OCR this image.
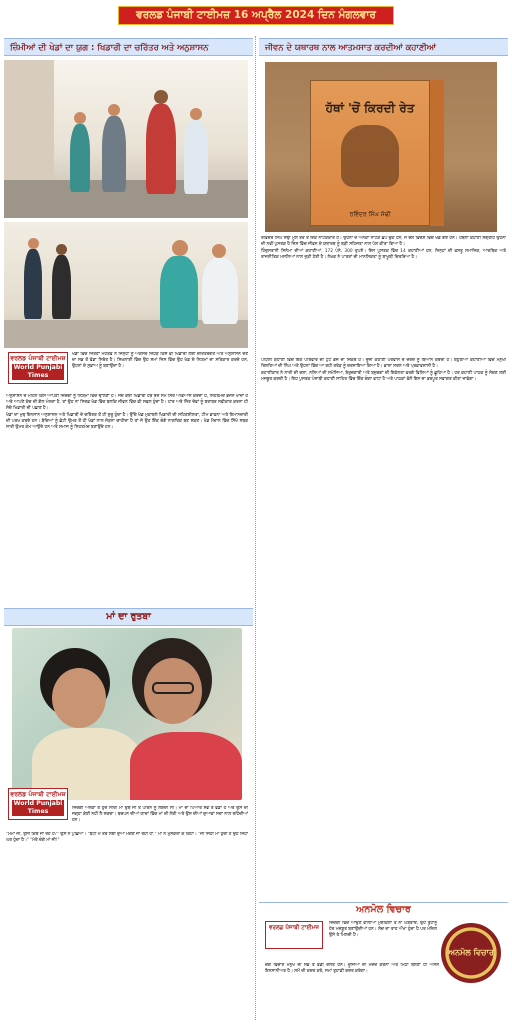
ਵਰਲਡ ਪੰਜਾਬੀ ਟਾਈਮਜ਼ 16 ਅਪ੍ਰੈਲ 2024 ਦਿਨ ਮੰਗਲਵਾਰ
ਜ਼ਿੰਮੀਆਂ ਦੀ ਖੇਡਾਂ ਦਾ ਯੁਗ : ਖਿਡਾਰੀ ਦਾ ਚਰਿੱਤਰ ਅਤੇ ਅਨੁਸ਼ਾਸਨ
ਵਰਲਡ ਪੰਜਾਬੀ ਟਾਈਮਜ਼
World Punjabi Times

ਖੇਡਾਂ ਵਿੱਚ ਜਿੱਤਣਾ ਮਹੱਤਵ ਨੇ ਜਿਨ੍ਹਾਂ ਨੂੰ ਅਕਸਰ ਜਿਹੜੇ ਕਿਸੇ ਵੀ ਖਿਡਾਰੀ ਲਈ ਚਰਿੱਤਰਗਤ ਅਤੇ ਅਨੁਸ਼ਾਸਨ ਦੇਣ ਦਾ ਸਭ ਤੋਂ ਵੱਡਾ ਸਿਰੋਤ ਹੈ। ਸਿਖ਼ਲਾਈ ਵਿੱਚ ਉਹ ਸਮਾਂ ਜਿਸ ਵਿੱਚ ਉਹ ਖੇਡ ਦੇ ਨਿਯਮਾਂ ਦਾ ਸਤਿਕਾਰ ਕਰਦੇ ਹਨ, ਉਹਨਾਂ ਦੇ ਸੁਭਾਅ ਨੂੰ ਬਣਾਉਂਦਾ ਹੈ।

ਅਨੁਸ਼ਾਸਨ ਦੇ ਮਹਿਨੇ ਕਿਸੇ ਆਪਣੀ ਜ਼ਿੰਦਗੀ ਨੂੰ ਨਿਯਮਾਂ ਵਿੱਚ ਢਾਲਣਾ ਹੈ। ਜਦੋਂ ਕੋਈ ਖਿਡਾਰੀ ਹਰ ਰੋਜ਼ ਸਮੇਂ ਸਿਰ ਅਭਿਆਸ ਕਰਦਾ ਹੈ, ਸਿਹਤਮੰਦ ਭੋਜਨ ਖਾਂਦਾ ਹੈ ਅਤੇ ਆਪਣੇ ਕੋਚ ਦੀ ਗੱਲ ਮੰਨਦਾ ਹੈ, ਤਾਂ ਉਹ ਨਾ ਸਿਰਫ਼ ਖੇਡ ਵਿੱਚ ਬਲਕਿ ਜੀਵਨ ਵਿੱਚ ਵੀ ਸਫਲ ਹੁੰਦਾ ਹੈ। ਹਾਰ ਅਤੇ ਜਿੱਤ ਦੋਵਾਂ ਨੂੰ ਬਰਾਬਰ ਸਵੀਕਾਰ ਕਰਨਾ ਹੀ ਸੱਚੇ ਖਿਡਾਰੀ ਦੀ ਪਛਾਣ ਹੈ।

ਖੇਡਾਂ ਦਾ ਮੁਢ ਇਨਸਾਨ ਅਨੁਸ਼ਾਸਨ ਅਤੇ ਖਿਡਾਰੀ ਦੇ ਚਰਿੱਤਰ ਤੋਂ ਹੀ ਸ਼ੁਰੂ ਹੁੰਦਾ ਹੈ। ਉੱਚੇ ਖੇਡ ਮੁਕਾਬਲੇ ਖਿਡਾਰੀ ਦੀ ਸਹਿਣਸ਼ੀਲਤਾ, ਟੀਮ ਭਾਵਨਾ ਅਤੇ ਇਮਾਨਦਾਰੀ ਦੀ ਪਰਖ ਕਰਦੇ ਹਨ। ਬੱਚਿਆਂ ਨੂੰ ਛੋਟੀ ਉਮਰ ਤੋਂ ਹੀ ਖੇਡਾਂ ਨਾਲ ਜੋੜਨਾ ਚਾਹੀਦਾ ਹੈ ਤਾਂ ਜੋ ਉਹ ਇੱਕ ਚੰਗੇ ਨਾਗਰਿਕ ਬਣ ਸਕਣ। ਖੇਡ ਮੈਦਾਨ ਵਿੱਚ ਸਿੱਖੇ ਸਬਕ ਸਾਰੀ ਉਮਰ ਕੰਮ ਆਉਂਦੇ ਹਨ ਅਤੇ ਸਮਾਜ ਨੂੰ ਸਿਹਤਮੰਦ ਬਣਾਉਂਦੇ ਹਨ।

ਮਾਂ ਦਾ ਰੁਤਬਾ
ਵਰਲਡ ਪੰਜਾਬੀ ਟਾਈਮਜ਼
World Punjabi Times	ਜਿੰਦਗੀ ਅਨੇਕਾਂ ਤੇ ਹੁੰਦ ਸੀਰੀ ਮਾਂ ਉਥੇ ਜੀ ਤੇ ਪੀਰਨ ਨੂੰ ਲੱਗਦੀ ਸੀ। ਮਾਂ ਦਾ ਪਿਆਰ ਸਭ ਤੋਂ ਵੱਡਾ ਹੈ ਅਤੇ ਉਸ ਦੀ ਜਗ੍ਹਾ ਕੋਈ ਨਹੀਂ ਲੈ ਸਕਦਾ। ਬਚਪਨ ਦੀਆਂ ਯਾਦਾਂ ਵਿੱਚ ਮਾਂ ਦੀ ਲੋਰੀ ਅਤੇ ਉਸ ਦੀਆਂ ਦੁਆਵਾਂ ਸਦਾ ਨਾਲ ਰਹਿੰਦੀਆਂ ਹਨ।

"ਮੰਮਾ ਜੀ, ਤੁਸੀਂ ਕਿੱਥੇ ਜਾ ਰਹੇ ਹੋ?" ਉਸ ਨੇ ਪੁੱਛਿਆ। "ਬੇਟੀ ਮੈਂ ਤੇਰੇ ਲਈ ਦੁਆ ਮੰਗਣ ਜਾ ਰਹੀ ਹਾਂ," ਮਾਂ ਨੇ ਮੁਸਕਰਾ ਕੇ ਕਿਹਾ। "ਜੀ ਜਿਹੀ ਮਾਂ ਹੁੰਦੀ ਹੈ ਉਹੋ ਜਿਹਾ ਘਰ ਹੁੰਦਾ ਹੈ।" "ਮੇਰੇ ਚੰਗੇ ਮਾਂ ਜੀ!"

ਜੀਵਨ ਦੇ ਯਥਾਰਥ ਨਾਲ ਆਤਮਸਾਤ ਕਰਦੀਆਂ ਕਹਾਣੀਆਂ
ਹੱਥਾਂ 'ਚੋਂ ਕਿਰਦੀ ਰੇਤ
ਰਵਿੰਦਰ ਸਿੰਘ ਸੋਢੀ

ਰਵਿੰਦਰ ਸਿੰਘ ਸੋਢੀ ਮੂਲ ਤੌਰ ਤੇ ਇੱਕ ਨਾਟਕਕਾਰ ਹੈ। ਉਹਨਾਂ ਦੇ ਅਨੇਕਾਂ ਨਾਟਕ ਛਪ ਚੁੱਕੇ ਹਨ, ਜੋ ਦੇਸ਼ ਵਿਦੇਸ਼ ਵਿੱਚ ਖੇਡੇ ਗਏ ਹਨ। ਹਥਲਾ ਕਹਾਣੀ ਸੰਗ੍ਰਹਿ ਉਹਨਾਂ ਦੀ ਨਵੀਂ ਪੁਸਤਕ ਹੈ ਜਿਸ ਵਿੱਚ ਜੀਵਨ ਦੇ ਯਥਾਰਥ ਨੂੰ ਬੜੀ ਸਹਿਜਤਾ ਨਾਲ ਪੇਸ਼ ਕੀਤਾ ਗਿਆ ਹੈ।

ਹਿੰਦੁਸਤਾਨੀ ਸਿਨੇਮਾ ਦੀਆਂ ਕਹਾਣੀਆਂ, 172 ਪੰਨੇ, 300 ਰੁਪਏ। ਇਸ ਪੁਸਤਕ ਵਿੱਚ 14 ਕਹਾਣੀਆਂ ਹਨ, ਜਿਨ੍ਹਾਂ ਦੀ ਵਸਤੂ ਸਮਾਜਿਕ, ਆਰਥਿਕ ਅਤੇ ਰਾਜਨੀਤਿਕ ਮਸਲਿਆਂ ਨਾਲ ਜੁੜੀ ਹੋਈ ਹੈ। ਲੇਖਕ ਨੇ ਪਾਤਰਾਂ ਦੀ ਮਾਨਸਿਕਤਾ ਨੂੰ ਬਾਖੂਬੀ ਚਿਤਰਿਆ ਹੈ।

ਪਹਿਲੀ ਕਹਾਣੀ ਵਿੱਚ ਇੱਕ ਪਰਿਵਾਰ ਦੀ ਟੁੱਟ ਭੱਜ ਦਾ ਜ਼ਿਕਰ ਹੈ। ਦੂਜੀ ਕਹਾਣੀ ਪਰਵਾਸ ਦੇ ਦਰਦ ਨੂੰ ਬਿਆਨ ਕਰਦੀ ਹੈ। ਬਹੁਤੀਆਂ ਕਹਾਣੀਆਂ ਵਿੱਚ ਮਨੁੱਖੀ ਰਿਸ਼ਤਿਆਂ ਦੀ ਨਿੱਘ ਅਤੇ ਉਹਨਾਂ ਵਿੱਚ ਆ ਰਹੀ ਤਰੇੜ ਨੂੰ ਦਰਸਾਇਆ ਗਿਆ ਹੈ। ਭਾਸ਼ਾ ਸਰਲ ਅਤੇ ਪ੍ਰਭਾਵਸ਼ਾਲੀ ਹੈ।

ਕਹਾਣੀਕਾਰ ਨੇ ਨਾਰੀ ਦੀ ਦਸ਼ਾ, ਨਸ਼ਿਆਂ ਦੀ ਸਮੱਸਿਆ, ਬੇਰੁਜ਼ਗਾਰੀ ਅਤੇ ਬਜ਼ੁਰਗਾਂ ਦੀ ਇਕੱਲਤਾ ਵਰਗੇ ਵਿਸ਼ਿਆਂ ਨੂੰ ਛੂਹਿਆ ਹੈ। ਹਰ ਕਹਾਣੀ ਪਾਠਕ ਨੂੰ ਸੋਚਣ ਲਈ ਮਜਬੂਰ ਕਰਦੀ ਹੈ। ਇਹ ਪੁਸਤਕ ਪੰਜਾਬੀ ਕਹਾਣੀ ਸਾਹਿਤ ਵਿੱਚ ਇੱਕ ਚੰਗਾ ਵਾਧਾ ਹੈ ਅਤੇ ਪਾਠਕਾਂ ਵੱਲੋਂ ਇਸ ਦਾ ਭਰਪੂਰ ਸਵਾਗਤ ਕੀਤਾ ਜਾਵੇਗਾ।

ਅਨਮੋਲ ਵਿਚਾਰ
ਵਰਲਡ ਪੰਜਾਬੀ ਟਾਈਮਜ਼

ਜ਼ਿੰਦਗੀ ਵਿੱਚ ਆਉਣ ਵਾਲੀਆਂ ਮੁਸ਼ਕਿਲਾਂ ਤੋਂ ਨਾ ਘਬਰਾਓ, ਉਹ ਤੁਹਾਨੂੰ ਹੋਰ ਮਜ਼ਬੂਤ ਬਣਾਉਂਦੀਆਂ ਹਨ। ਸੱਚ ਦਾ ਰਾਹ ਔਖਾ ਹੁੰਦਾ ਹੈ ਪਰ ਮੰਜ਼ਿਲ ਉਸੇ ਤੇ ਮਿਲਦੀ ਹੈ।

ਅਨਮੋਲ ਵਿਚਾਰ

ਚੰਗੇ ਵਿਚਾਰ ਮਨੁੱਖ ਦੀ ਸਭ ਤੋਂ ਵੱਡੀ ਦੌਲਤ ਹਨ। ਦੂਜਿਆਂ ਦੀ ਮਦਦ ਕਰਨਾ ਅਤੇ ਮਿੱਠਾ ਬੋਲਣਾ ਹੀ ਅਸਲ ਇਨਸਾਨੀਅਤ ਹੈ। ਸਮੇਂ ਦੀ ਕਦਰ ਕਰੋ, ਸਮਾਂ ਤੁਹਾਡੀ ਕਦਰ ਕਰੇਗਾ।
